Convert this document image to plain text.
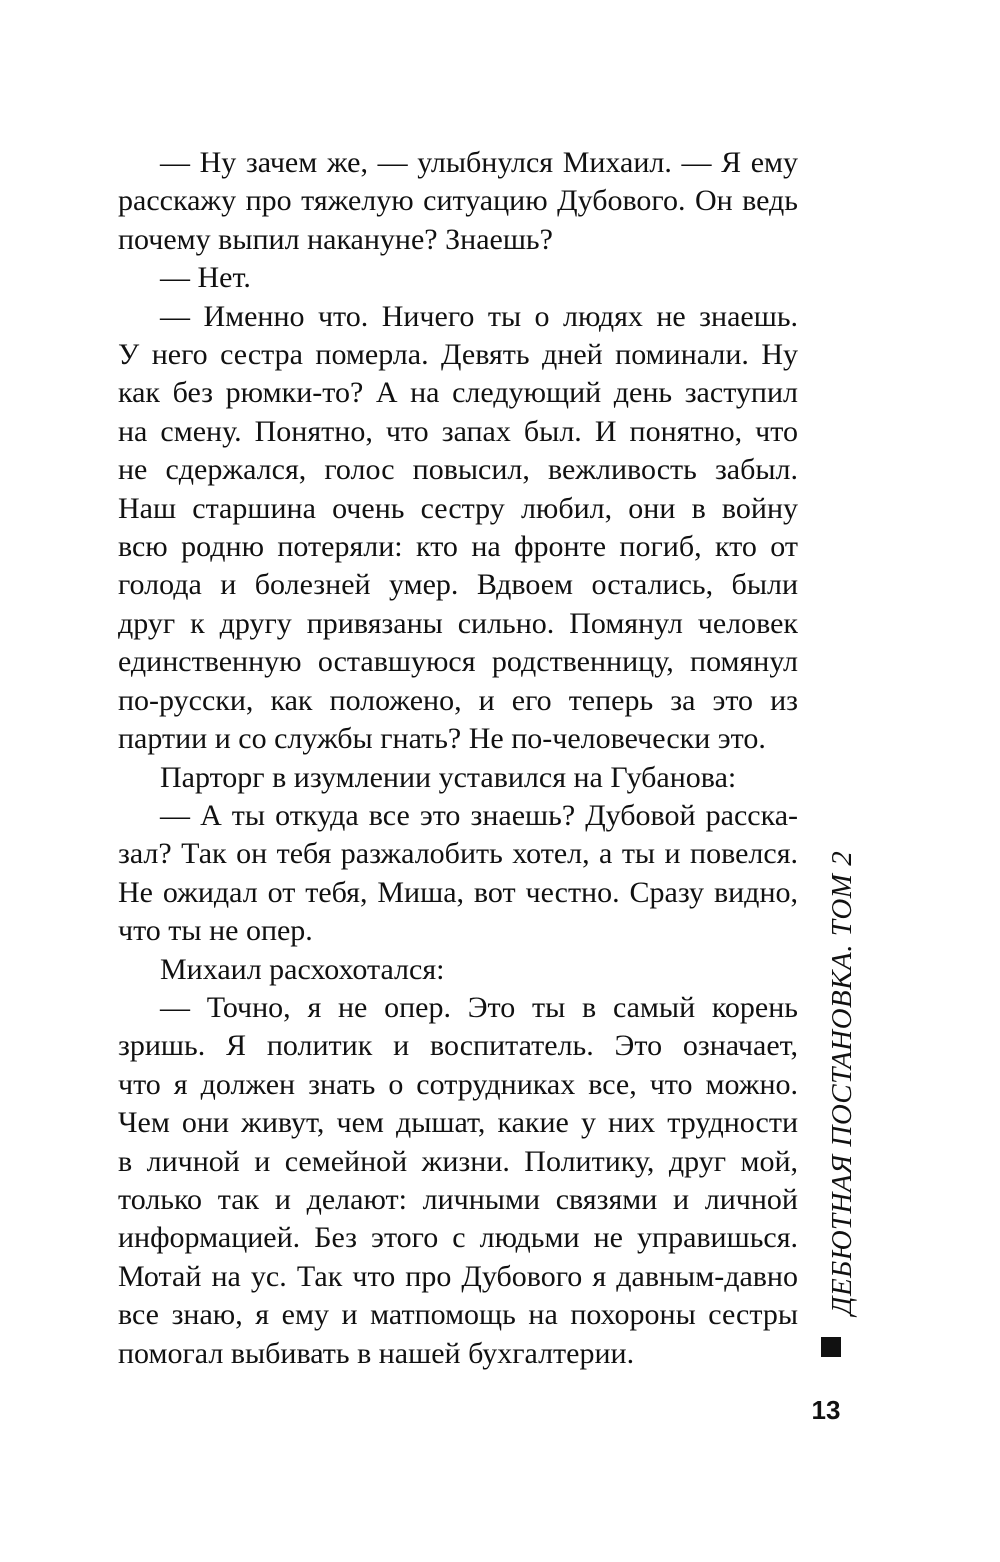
— Ну зачем же, — улыбнулся Михаил. — Я ему
расскажу про тяжелую ситуацию Дубового. Он ведь
почему выпил накануне? Знаешь?
— Нет.
— Именно что. Ничего ты о людях не знаешь.
У него сестра померла. Девять дней поминали. Ну
как без рюмки-то? А на следующий день заступил
на смену. Понятно, что запах был. И понятно, что
не сдержался, голос повысил, вежливость забыл.
Наш старшина очень сестру любил, они в войну
всю родню потеряли: кто на фронте погиб, кто от
голода и болезней умер. Вдвоем остались, были
друг к другу привязаны сильно. Помянул человек
единственную оставшуюся родственницу, помянул
по-русски, как положено, и его теперь за это из
партии и со службы гнать? Не по-человечески это.
Парторг в изумлении уставился на Губанова:
— А ты откуда все это знаешь? Дубовой расска-
зал? Так он тебя разжалобить хотел, а ты и повелся.
Не ожидал от тебя, Миша, вот честно. Сразу видно,
что ты не опер.
Михаил расхохотался:
— Точно, я не опер. Это ты в самый корень
зришь. Я политик и воспитатель. Это означает,
что я должен знать о сотрудниках все, что можно.
Чем они живут, чем дышат, какие у них трудности
в личной и семейной жизни. Политику, друг мой,
только так и делают: личными связями и личной
информацией. Без этого с людьми не управишься.
Мотай на ус. Так что про Дубового я давным-давно
все знаю, я ему и матпомощь на похороны сестры
помогал выбивать в нашей бухгалтерии.
ДЕБЮТНАЯ ПОСТАНОВКА. ТОМ 2
13
